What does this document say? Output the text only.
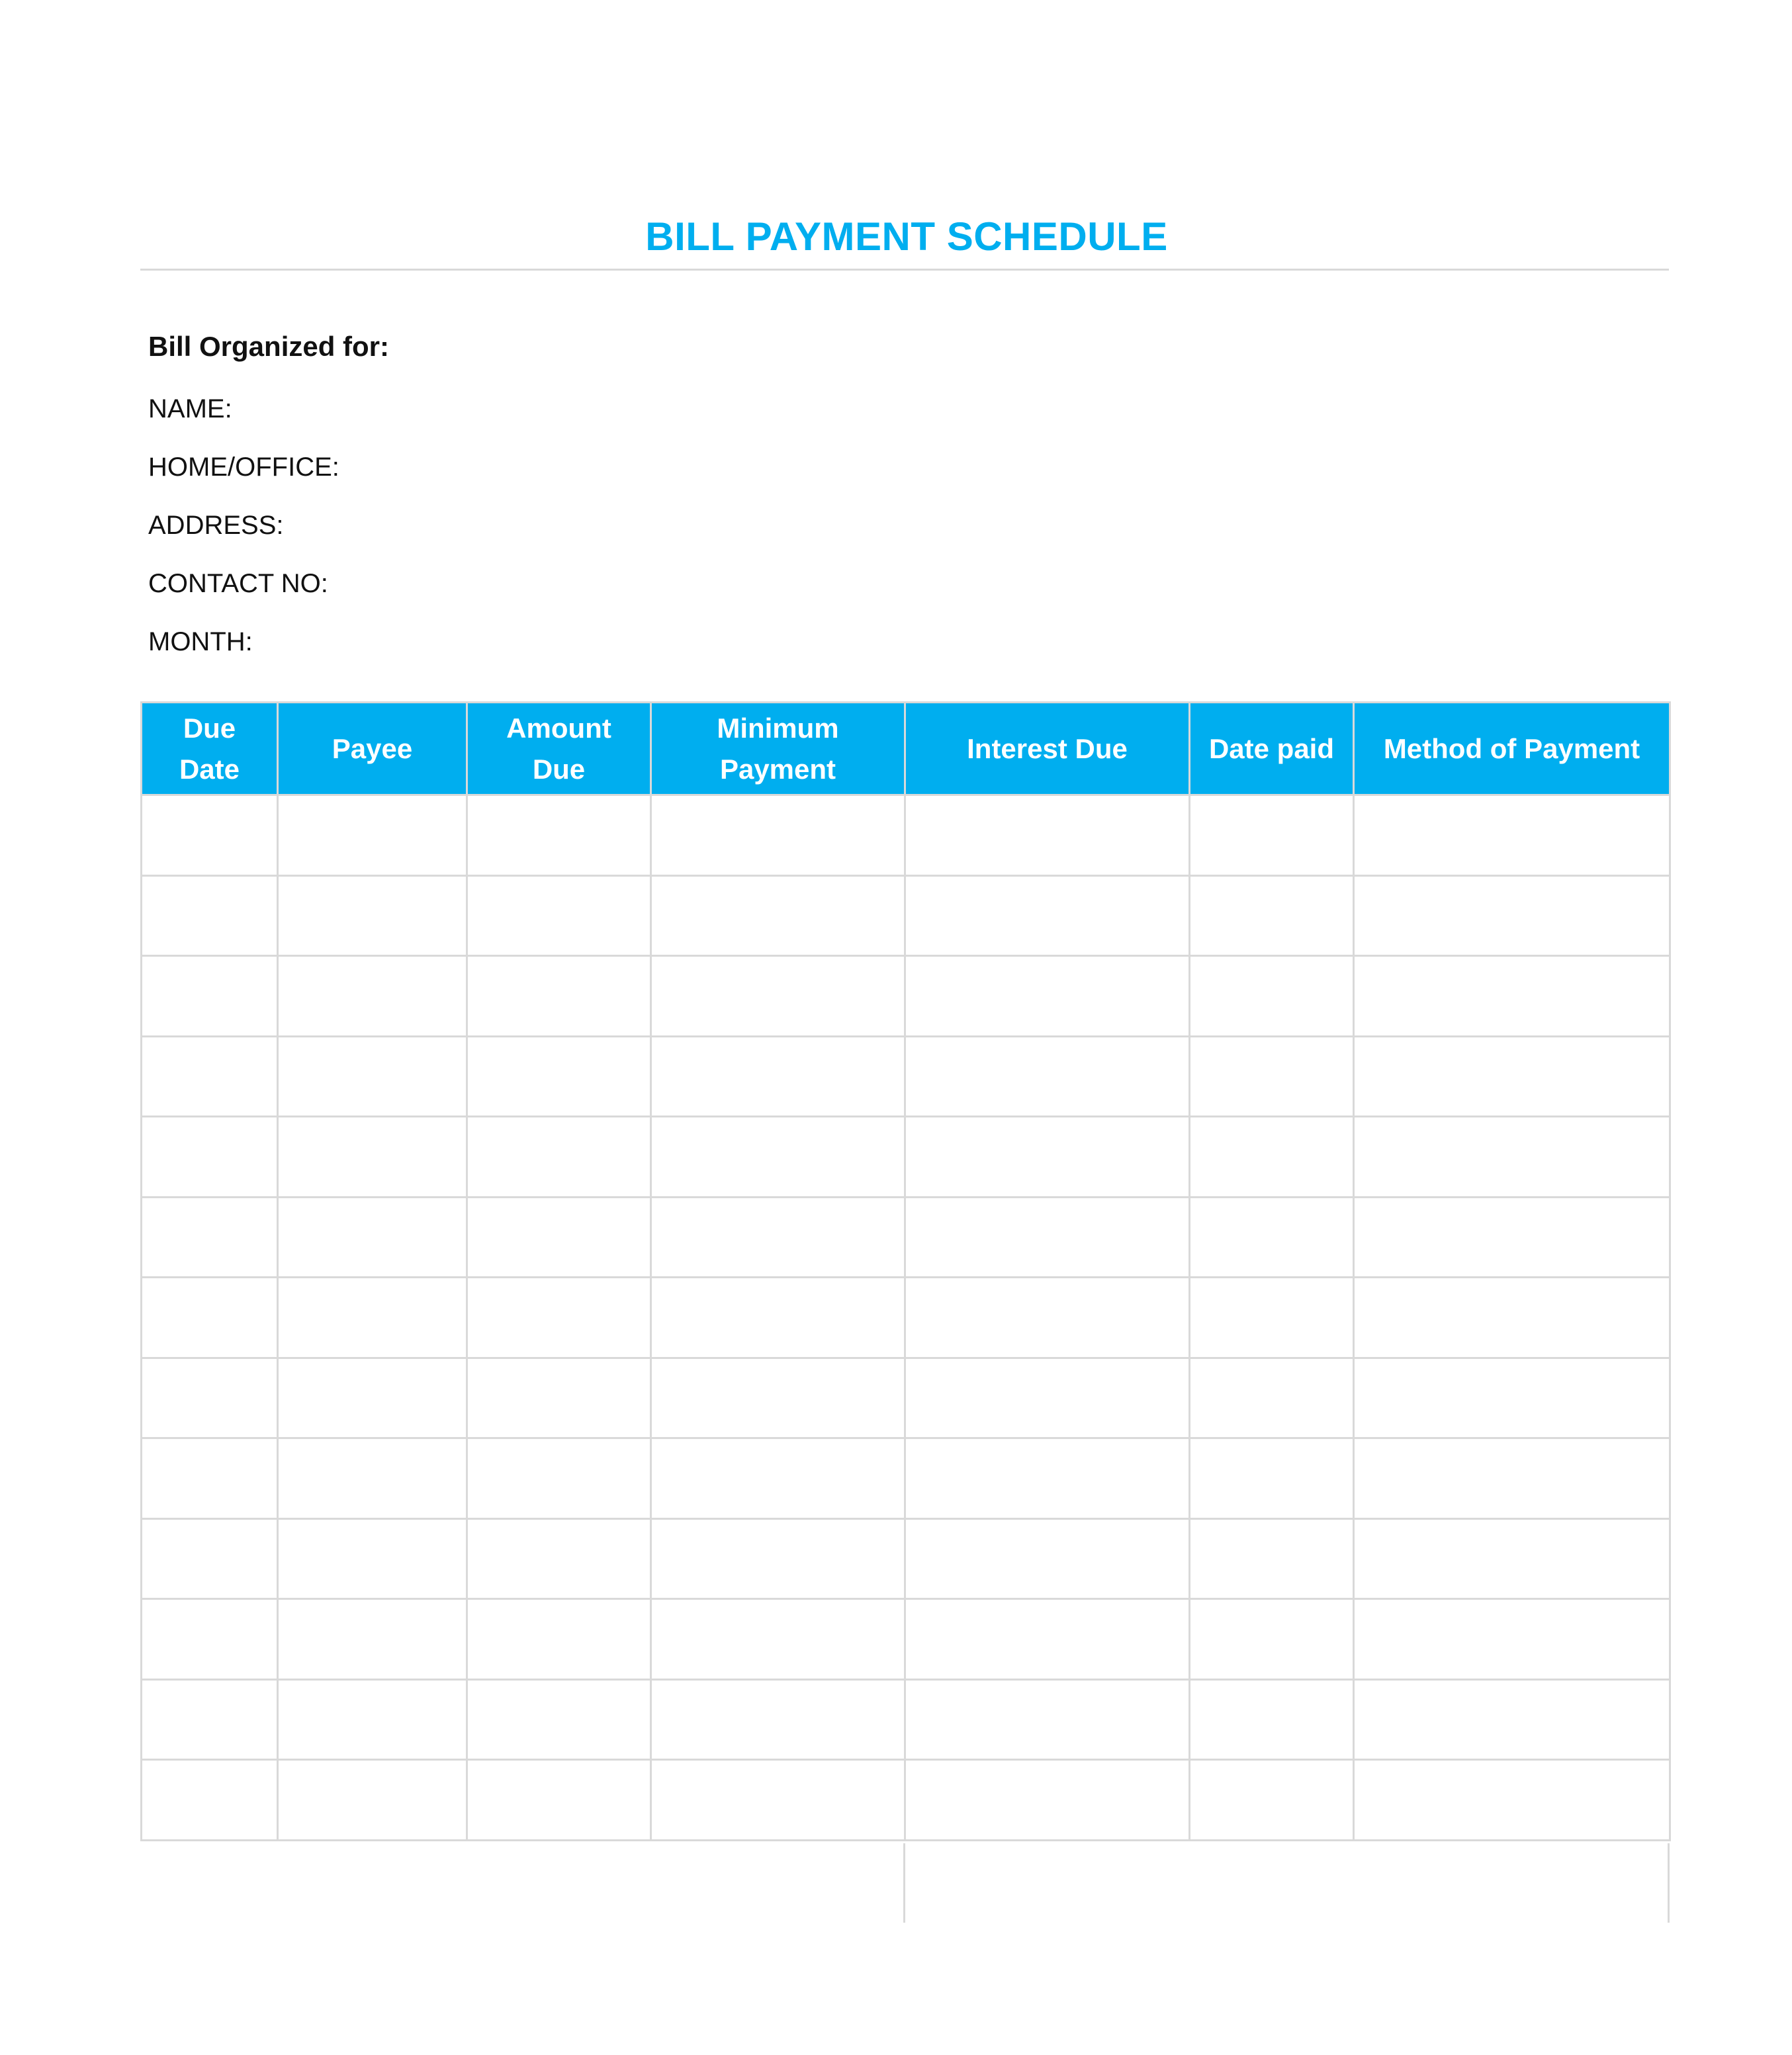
BILL PAYMENT SCHEDULE
Bill Organized for:
NAME:
HOME/OFFICE:
ADDRESS:
CONTACT NO:
MONTH:
Due Date	Payee	Amount Due	Minimum Payment	Interest Due	Date paid	Method of Payment
